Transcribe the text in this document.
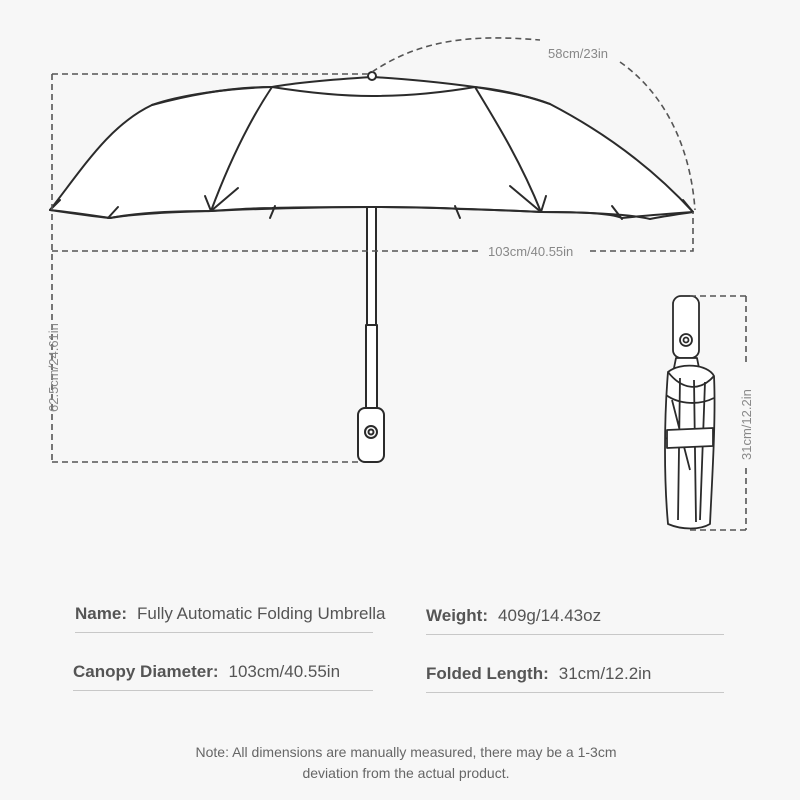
58cm/23in
103cm/40.55in
62.5cm/24.61in
31cm/12.2in
Name: Fully Automatic Folding Umbrella Weight: 409g/14.43oz
Canopy Diameter: 103cm/40.55in	Folded Length: 31cm/12.2in
Note: All dimensions are manually measured, there may be a 1-3cm
deviation from the actual product.
